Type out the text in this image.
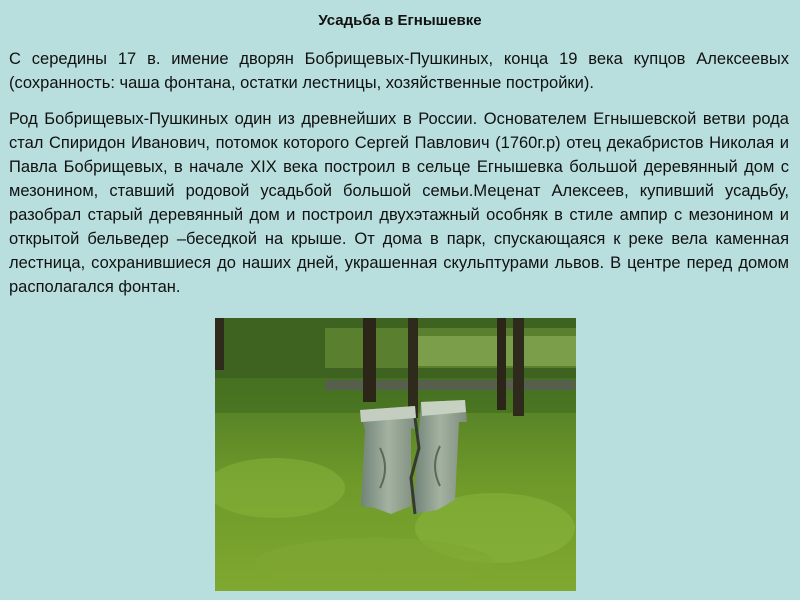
Усадьба в Егнышевке

С середины 17 в. имение дворян Бобрищевых-Пушкиных, конца 19 века купцов Алексеевых (сохранность: чаша фонтана, остатки лестницы, хозяйственные постройки).

Род Бобрищевых-Пушкиных один из древнейших в России. Основателем Егнышевской ветви рода стал Спиридон Иванович, потомок которого Сергей Павлович (1760г.р) отец декабристов Николая и Павла Бобрищевых, в начале XIX века построил в сельце Егнышевка большой деревянный дом с мезонином, ставший родовой усадьбой большой семьи.Меценат Алексеев, купивший усадьбу, разобрал старый деревянный дом и построил двухэтажный особняк в стиле ампир с мезонином и открытой бельведер –беседкой на крыше. От дома в парк, спускающаяся к реке вела каменная лестница, сохранившиеся до наших дней, украшенная скульптурами львов. В центре перед домом располагался фонтан.
